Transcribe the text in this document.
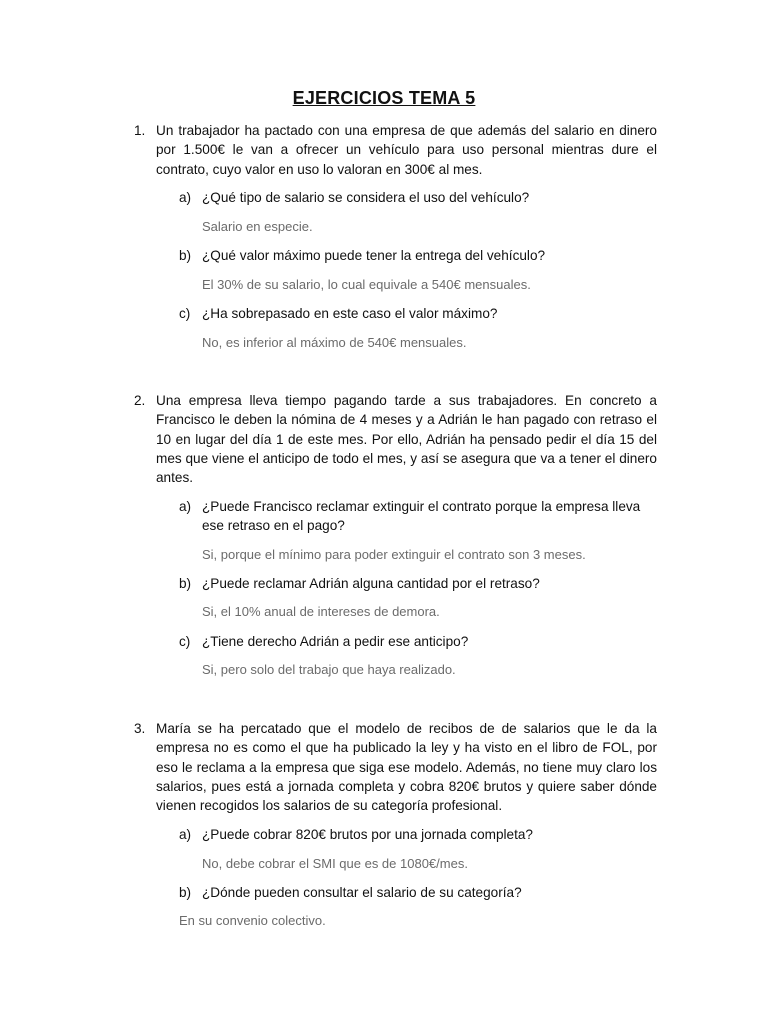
EJERCICIOS TEMA 5
1. Un trabajador ha pactado con una empresa de que además del salario en dinero por 1.500€ le van a ofrecer un vehículo para uso personal mientras dure el contrato, cuyo valor en uso lo valoran en 300€ al mes.
a) ¿Qué tipo de salario se considera el uso del vehículo?
Salario en especie.
b) ¿Qué valor máximo puede tener la entrega del vehículo?
El 30% de su salario, lo cual equivale a 540€ mensuales.
c) ¿Ha sobrepasado en este caso el valor máximo?
No, es inferior al máximo de 540€ mensuales.
2. Una empresa lleva tiempo pagando tarde a sus trabajadores. En concreto a Francisco le deben la nómina de 4 meses y a Adrián le han pagado con retraso el 10 en lugar del día 1 de este mes. Por ello, Adrián ha pensado pedir el día 15 del mes que viene el anticipo de todo el mes, y así se asegura que va a tener el dinero antes.
a) ¿Puede Francisco reclamar extinguir el contrato porque la empresa lleva ese retraso en el pago?
Si, porque el mínimo para poder extinguir el contrato son 3 meses.
b) ¿Puede reclamar Adrián alguna cantidad por el retraso?
Si, el 10% anual de intereses de demora.
c) ¿Tiene derecho Adrián a pedir ese anticipo?
Si, pero solo del trabajo que haya realizado.
3. María se ha percatado que el modelo de recibos de de salarios que le da la empresa no es como el que ha publicado la ley y ha visto en el libro de FOL, por eso le reclama a la empresa que siga ese modelo. Además, no tiene muy claro los salarios, pues está a jornada completa y cobra 820€ brutos y quiere saber dónde vienen recogidos los salarios de su categoría profesional.
a) ¿Puede cobrar 820€ brutos por una jornada completa?
No, debe cobrar el SMI que es de 1080€/mes.
b) ¿Dónde pueden consultar el salario de su categoría?
En su convenio colectivo.
